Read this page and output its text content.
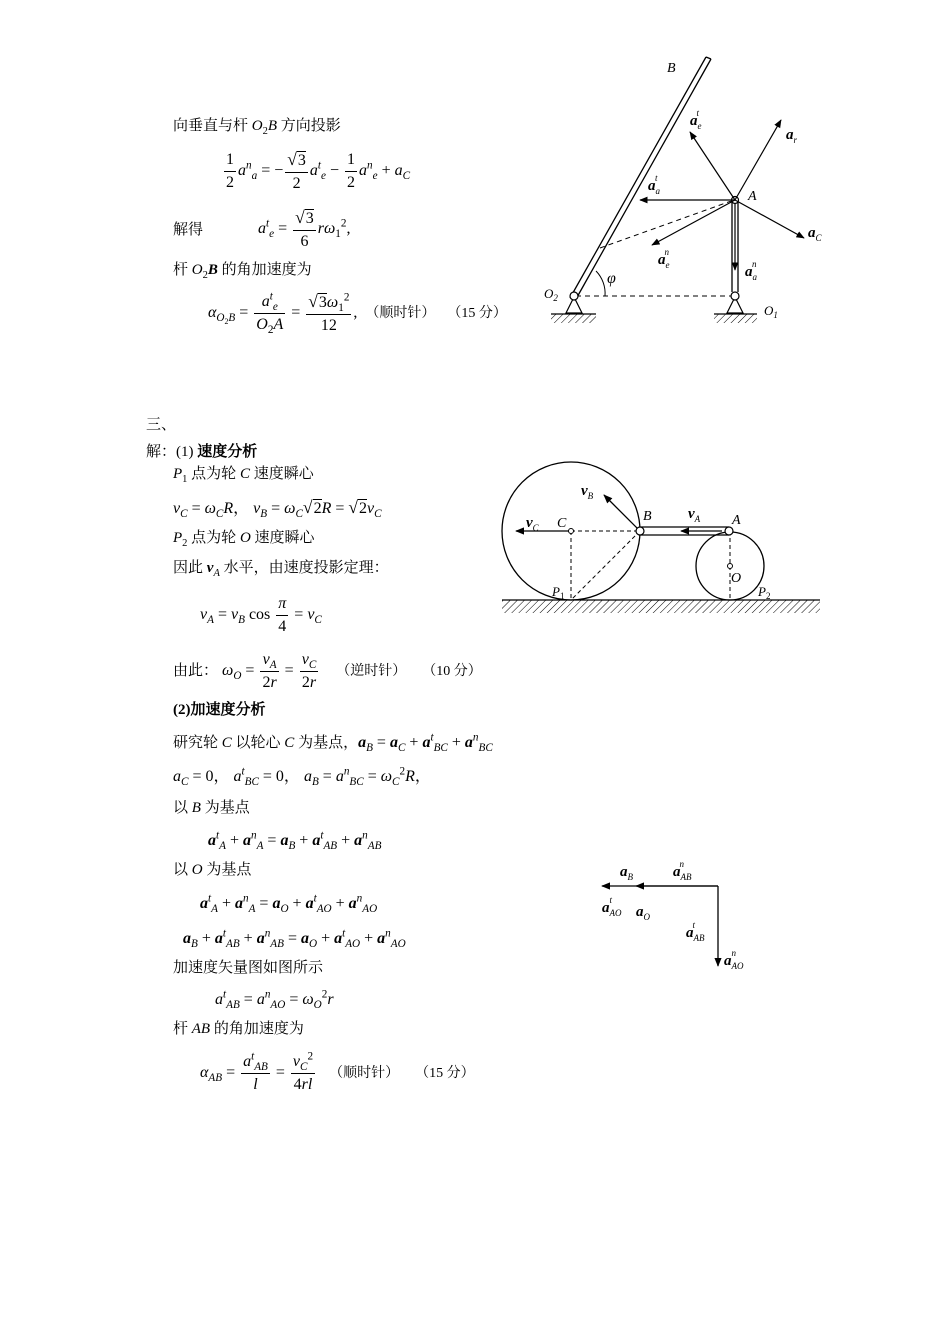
向垂直与杆 $O_2B$ 方向投影
$\frac{1}{2} a^n_a$ = − $\frac{√3}{2} a^t_e - \frac{1}{2} a^n_e + a_C$
解得	$a^t_e = \frac{√3}{6} r\omega_1^2$,
杆 $O_2B$ 的角加速度为
$\alpha_{O_2B} = \frac{a^t_e}{O_2A} = \frac{√3\omega_1^2}{12}$ ,  （顺时针） （15 分）
B
A
$O_2$
$O_1$
φ
$a_et$
$a_r$
$a_at$
$a_C$
$a_en$
$a_an$
三、
解：(1) 速度分析
$P_1$ 点为轮 C 速度瞬心
$v_C = \omega_CR$， $v_B = \omega_C√2R = √2v_C$
$P_2$ 点为轮 O 速度瞬心
因此 $v_A$ 水平，由速度投影定理：
$v_A = v_B$ $\cos \frac{\pi}{4} = v_C$
由此： $\omega_O = \frac{v_A}{2r} = \frac{v_C}{2r}$ （逆时针） （10 分）
(2)加速度分析
研究轮 C 以轮心 C 为基点，$a_B = a_C + a^t_{BC} + a^n_{BC}$
$a_C = 0$， $a^t_{BC} = 0$， $a_B = a^n_{BC} = \omega_C^2R$，
以 B 为基点
$a^t_A + a^n_A = a_B + a^t_{AB} + a^n_{AB}$
以 O 为基点
$a^t_A + a^n_A = a_O + a^t_{AO} + a^n_{AO}$
$a_B + a^t_{AB} + a^n_{AB} = a_O + a^t_{AO} + a^n_{AO}$
加速度矢量图如图所示
$a^t_{AB} = a^n_{AO} = \omega_O^2r$
杆 AB 的角加速度为
$\alpha_{AB} = \frac{a^t_{AB}}{l} = \frac{v_C^2}{4rl}$ （顺时针） （15 分）
$v_B$
$v_C$ C	B $v_A$ A
O
$P_1$	$P_2$
$a_B$	$a_{AB}n$
$a_{AO}t$
$a_O$
$a_{AB}t$
$a_{AO}n$
